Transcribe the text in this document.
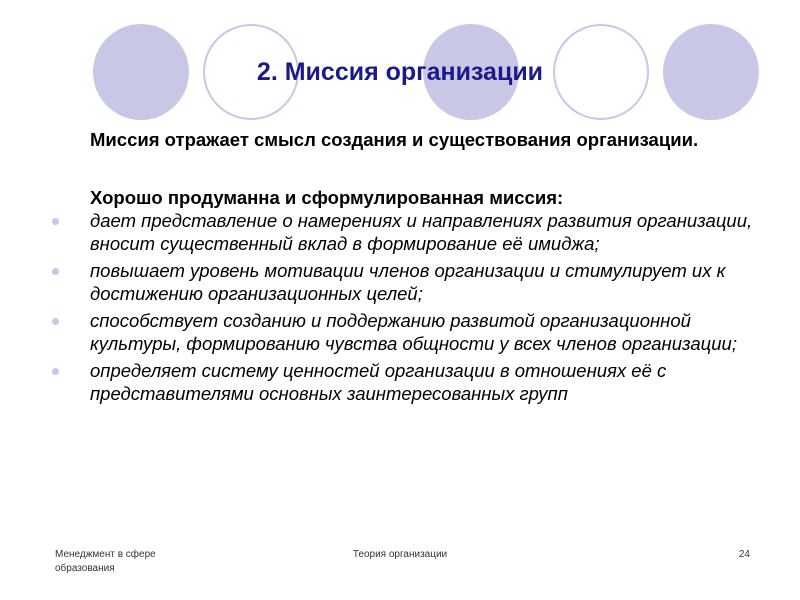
2. Миссия организации

Миссия отражает смысл создания и существования организации.

Хорошо продуманна и сформулированная миссия:

дает представление о намерениях и направлениях развития организации, вносит существенный вклад в формирование её имиджа;
повышает уровень мотивации членов организации и стимулирует их к достижению организационных целей;
способствует созданию и поддержанию развитой организационной культуры, формированию чувства общности у всех членов организации;
определяет систему ценностей организации в отношениях её с представителями основных заинтересованных групп
Менеджмент в сфере образования
Теория организации	24
